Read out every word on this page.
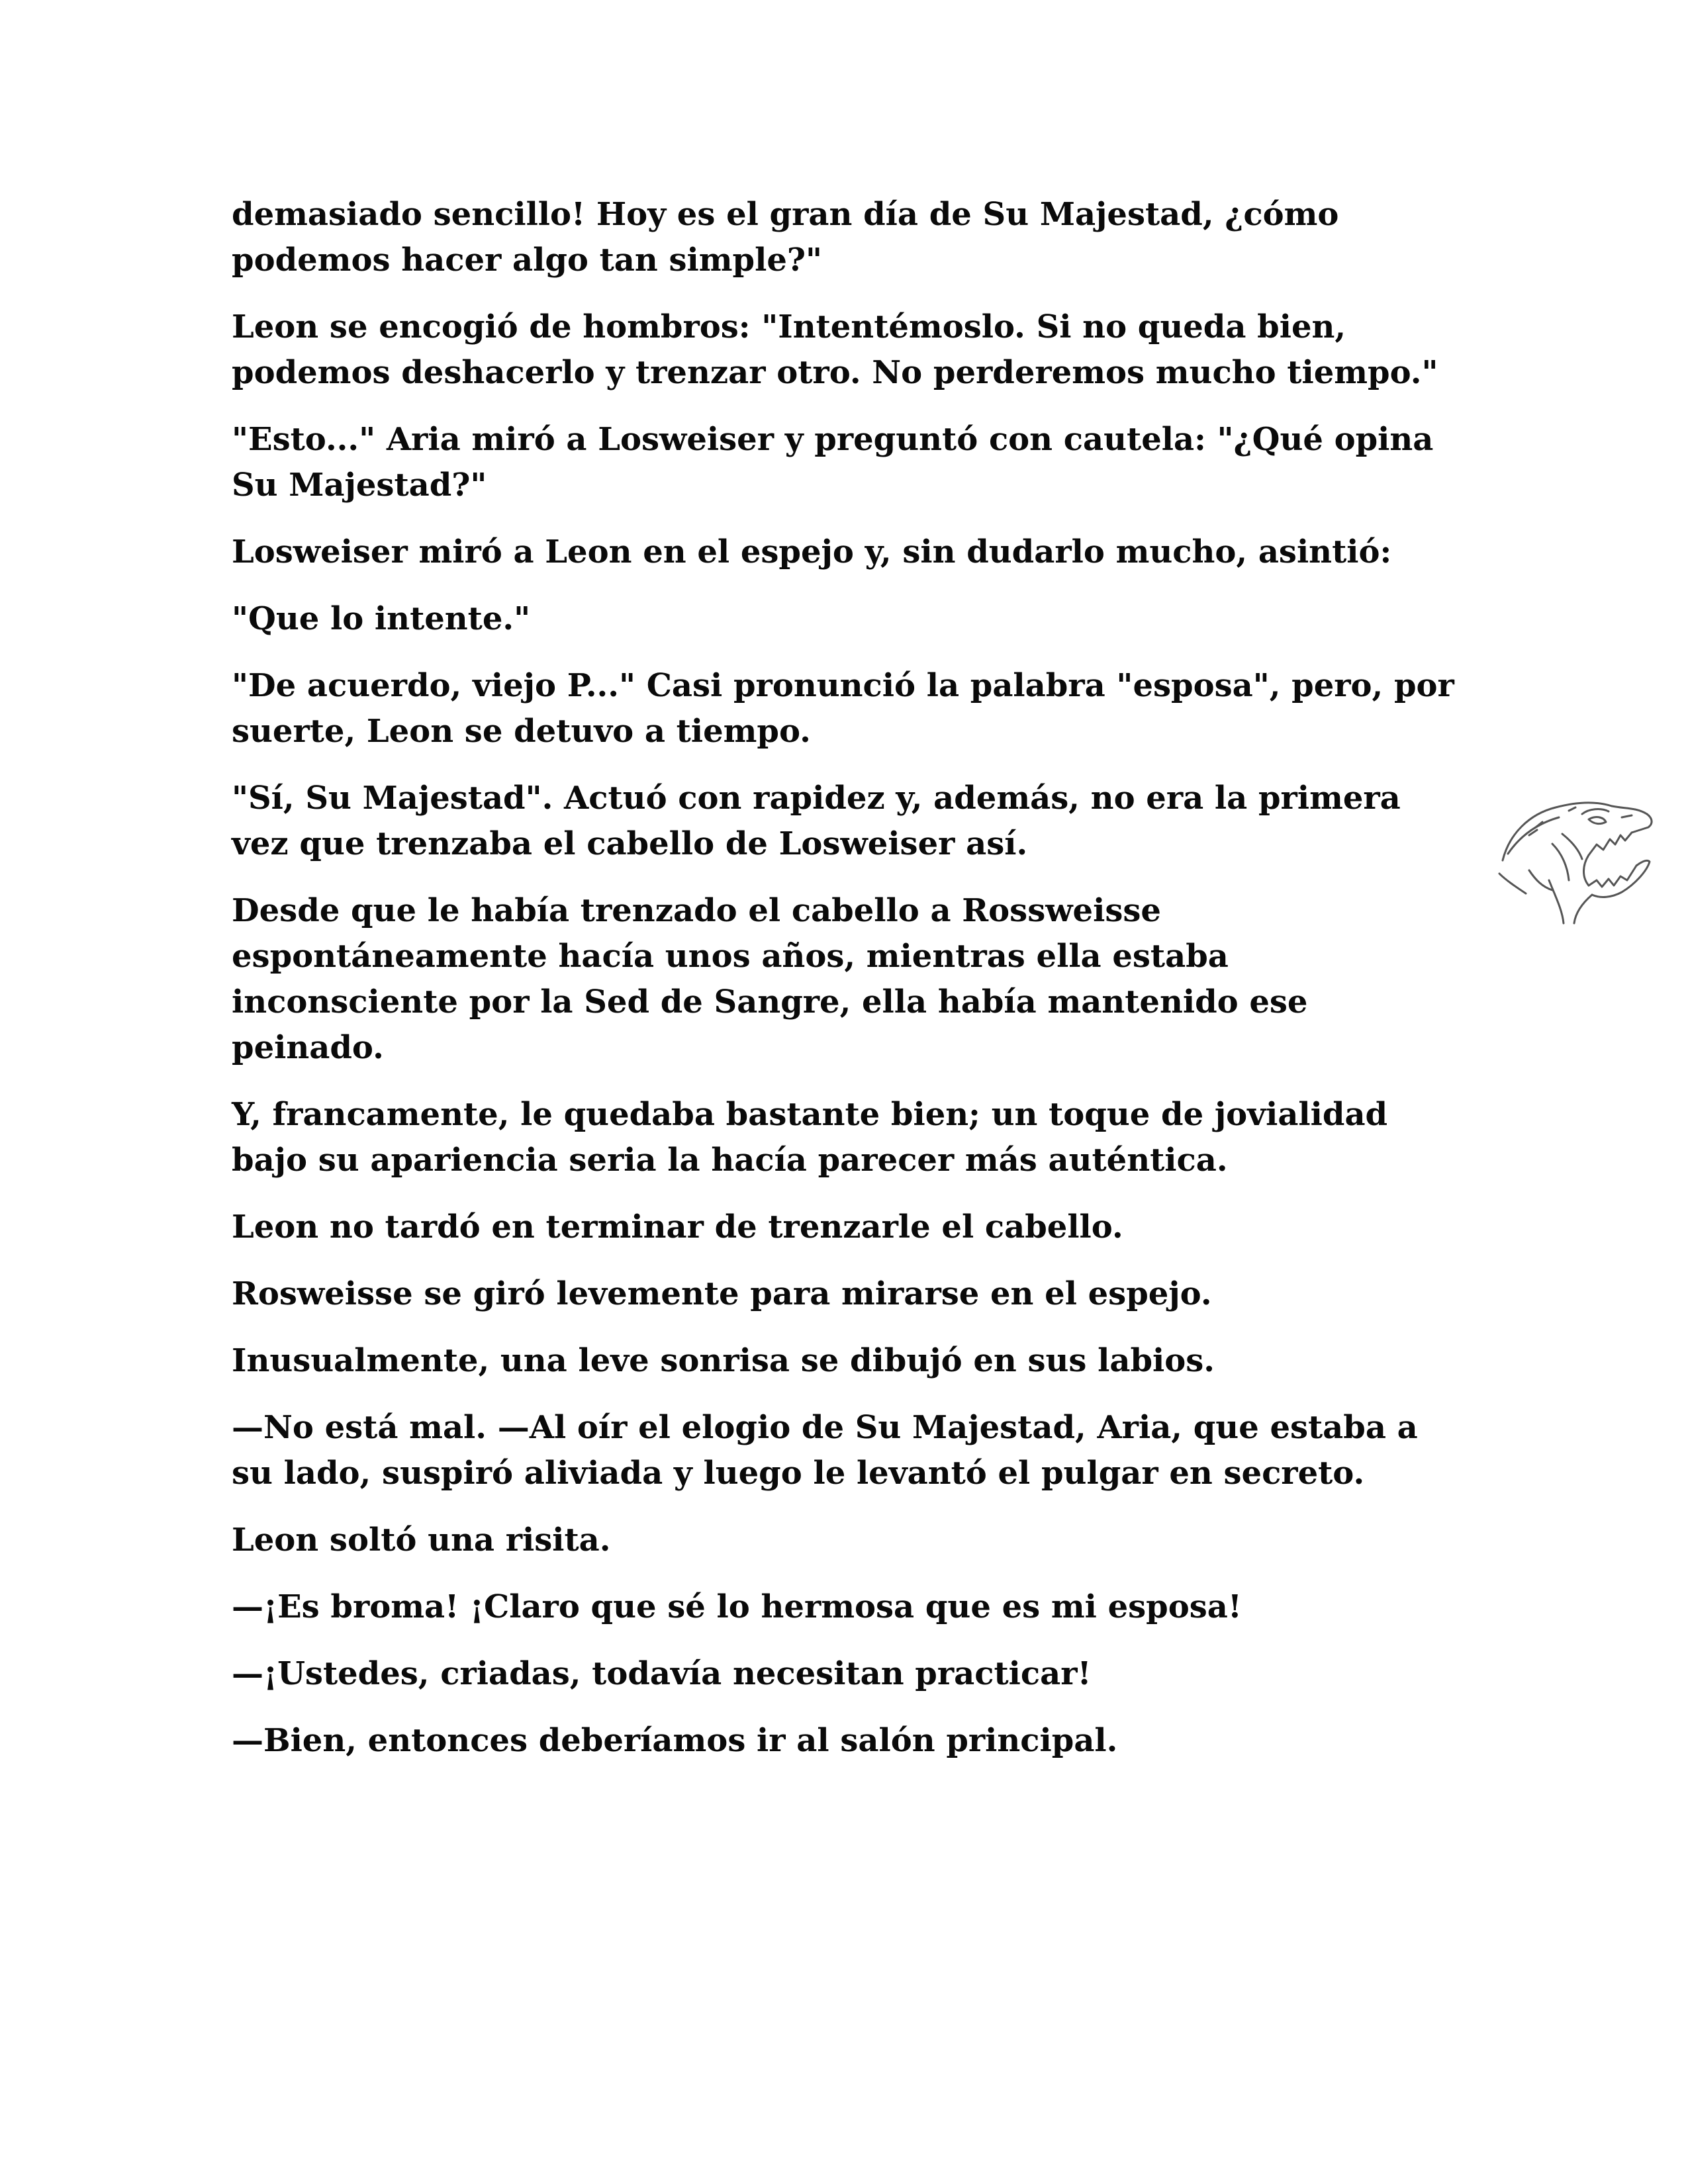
demasiado sencillo! Hoy es el gran día de Su Majestad, ¿cómo podemos hacer algo tan simple?"

Leon se encogió de hombros: "Intentémoslo. Si no queda bien, podemos deshacerlo y trenzar otro. No perderemos mucho tiempo."

"Esto..." Aria miró a Losweiser y preguntó con cautela: "¿Qué opina Su Majestad?"

Losweiser miró a Leon en el espejo y, sin dudarlo mucho, asintió:

"Que lo intente."

"De acuerdo, viejo P..." Casi pronunció la palabra "esposa", pero, por suerte, Leon se detuvo a tiempo.

"Sí, Su Majestad". Actuó con rapidez y, además, no era la primera vez que trenzaba el cabello de Losweiser así.

Desde que le había trenzado el cabello a Rossweisse espontáneamente hacía unos años, mientras ella estaba inconsciente por la Sed de Sangre, ella había mantenido ese peinado.

Y, francamente, le quedaba bastante bien; un toque de jovialidad bajo su apariencia seria la hacía parecer más auténtica.

Leon no tardó en terminar de trenzarle el cabello.

Rosweisse se giró levemente para mirarse en el espejo.

Inusualmente, una leve sonrisa se dibujó en sus labios.

—No está mal. —Al oír el elogio de Su Majestad, Aria, que estaba a su lado, suspiró aliviada y luego le levantó el pulgar en secreto.

Leon soltó una risita.

—¡Es broma! ¡Claro que sé lo hermosa que es mi esposa!

—¡Ustedes, criadas, todavía necesitan practicar!

—Bien, entonces deberíamos ir al salón principal.
